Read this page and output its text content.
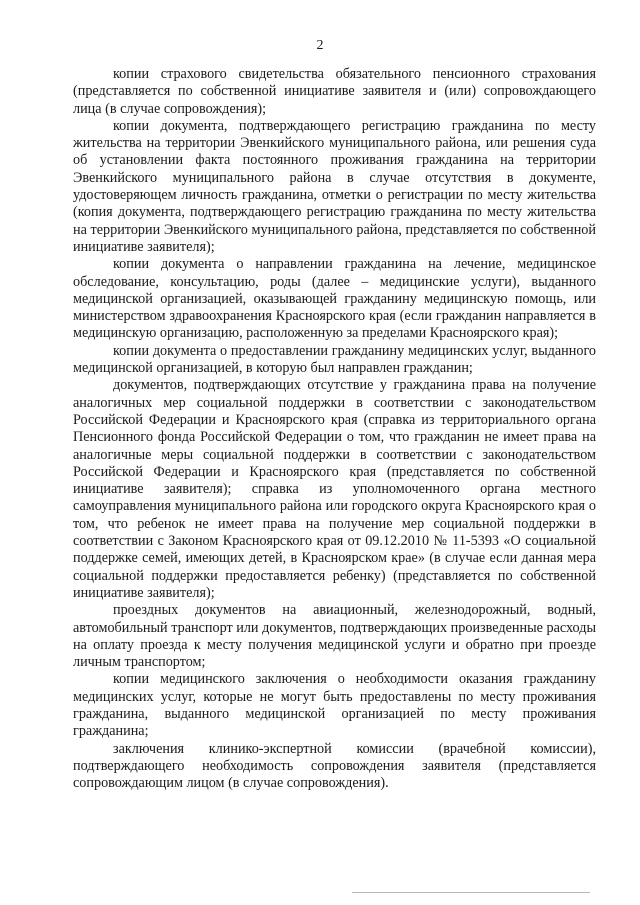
2

копии страхового свидетельства обязательного пенсионного страхования (представляется по собственной инициативе заявителя и (или) сопровождающего лица (в случае сопровождения);

копии документа, подтверждающего регистрацию гражданина по месту жительства на территории Эвенкийского муниципального района, или решения суда об установлении факта постоянного проживания гражданина на территории Эвенкийского муниципального района в случае отсутствия в документе, удостоверяющем личность гражданина, отметки о регистрации по месту жительства (копия документа, подтверждающего регистрацию гражданина по месту жительства на территории Эвенкийского муниципального района, представляется по собственной инициативе заявителя);

копии документа о направлении гражданина на лечение, медицинское обследование, консультацию, роды (далее – медицинские услуги), выданного медицинской организацией, оказывающей гражданину медицинскую помощь, или министерством здравоохранения Красноярского края (если гражданин направляется в медицинскую организацию, расположенную за пределами Красноярского края);

копии документа о предоставлении гражданину медицинских услуг, выданного медицинской организацией, в которую был направлен гражданин;

документов, подтверждающих отсутствие у гражданина права на получение аналогичных мер социальной поддержки в соответствии с законодательством Российской Федерации и Красноярского края (справка из территориального органа Пенсионного фонда Российской Федерации о том, что гражданин не имеет права на аналогичные меры социальной поддержки в соответствии с законодательством Российской Федерации и Красноярского края (представляется по собственной инициативе заявителя); справка из уполномоченного органа местного самоуправления муниципального района или городского округа Красноярского края о том, что ребенок не имеет права на получение мер социальной поддержки в соответствии с Законом Красноярского края от 09.12.2010 № 11-5393 «О социальной поддержке семей, имеющих детей, в Красноярском крае» (в случае если данная мера социальной поддержки предоставляется ребенку) (представляется по собственной инициативе заявителя);

проездных документов на авиационный, железнодорожный, водный, автомобильный транспорт или документов, подтверждающих произведенные расходы на оплату проезда к месту получения медицинской услуги и обратно при проезде личным транспортом;

копии медицинского заключения о необходимости оказания гражданину медицинских услуг, которые не могут быть предоставлены по месту проживания гражданина, выданного медицинской организацией по месту проживания гражданина;

заключения клинико-экспертной комиссии (врачебной комиссии), подтверждающего необходимость сопровождения заявителя (представляется сопровождающим лицом (в случае сопровождения).
